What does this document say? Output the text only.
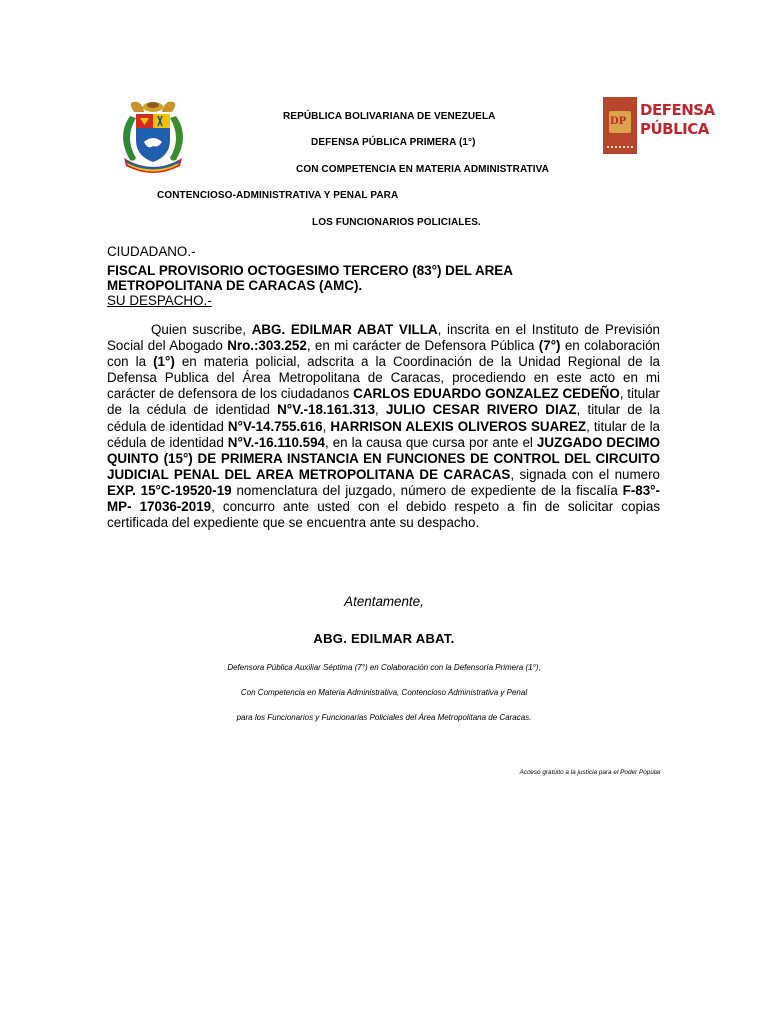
REPÚBLICA BOLIVARIANA DE VENEZUELA
DEFENSA PÚBLICA PRIMERA (1°)
CON COMPETENCIA EN MATERIA ADMINISTRATIVA
CONTENCIOSO-ADMINISTRATIVA Y PENAL PARA
LOS FUNCIONARIOS POLICIALES.
DP
DEFENSA
PÚBLICA
CIUDADANO.-
FISCAL PROVISORIO OCTOGESIMO TERCERO (83°) DEL AREA
METROPOLITANA DE CARACAS (AMC).
SU DESPACHO.-

Quien suscribe, ABG. EDILMAR ABAT VILLA, inscrita en el Instituto de Previsión Social del Abogado Nro.:303.252, en mi carácter de Defensora Pública (7°) en colaboración con la (1°) en materia policial, adscrita a la Coordinación de la Unidad Regional de la Defensa Publica del Área Metropolitana de Caracas, procediendo en este acto en mi carácter de defensora de los ciudadanos CARLOS EDUARDO GONZALEZ CEDEÑO, titular de la cédula de identidad N°V.-18.161.313, JULIO CESAR RIVERO DIAZ, titular de la cédula de identidad N°V-14.755.616, HARRISON ALEXIS OLIVEROS SUAREZ, titular de la cédula de identidad N°V.-16.110.594, en la causa que cursa por ante el JUZGADO DECIMO QUINTO (15°) DE PRIMERA INSTANCIA EN FUNCIONES DE CONTROL DEL CIRCUITO JUDICIAL PENAL DEL AREA METROPOLITANA DE CARACAS, signada con el numero EXP. 15°C-19520-19 nomenclatura del juzgado, número de expediente de la fiscalía F-83°-MP- 17036-2019, concurro ante usted con el debido respeto a fin de solicitar copias certificada del expediente que se encuentra ante su despacho.

Atentamente,
ABG. EDILMAR ABAT.
Defensora Pública Auxiliar Séptima (7°) en Colaboración con la Defensoría Primera (1°),
Con Competencia en Materia Administrativa, Contencioso Administrativa y Penal
para los Funcionarios y Funcionarias Policiales del Área Metropolitana de Caracas.
Acceso gratuito a la justicia para el Poder Popular
